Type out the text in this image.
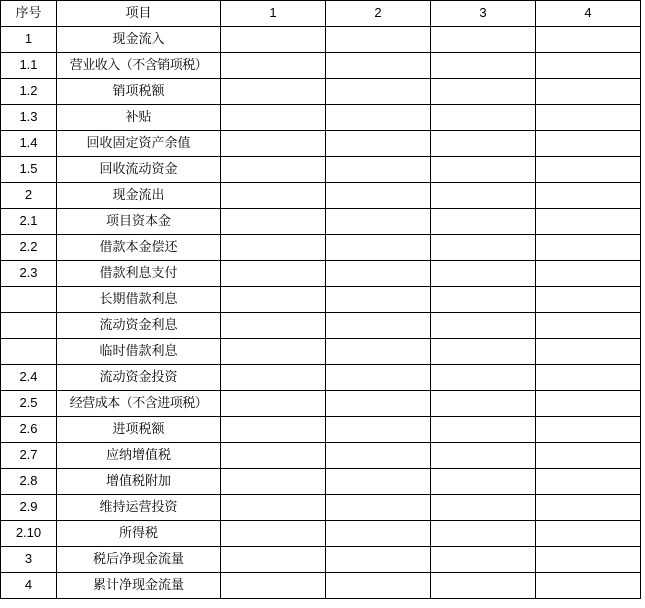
序号	项目	1	2	3	4
1	现金流入				
1.1	营业收入（不含销项税）				
1.2	销项税额				
1.3	补贴				
1.4	回收固定资产余值				
1.5	回收流动资金				
2	现金流出				
2.1	项目资本金				
2.2	借款本金偿还				
2.3	借款利息支付				
	长期借款利息				
	流动资金利息				
	临时借款利息				
2.4	流动资金投资				
2.5	经营成本（不含进项税）				
2.6	进项税额				
2.7	应纳增值税				
2.8	增值税附加				
2.9	维持运营投资				
2.10	所得税				
3	税后净现金流量				
4	累计净现金流量				
